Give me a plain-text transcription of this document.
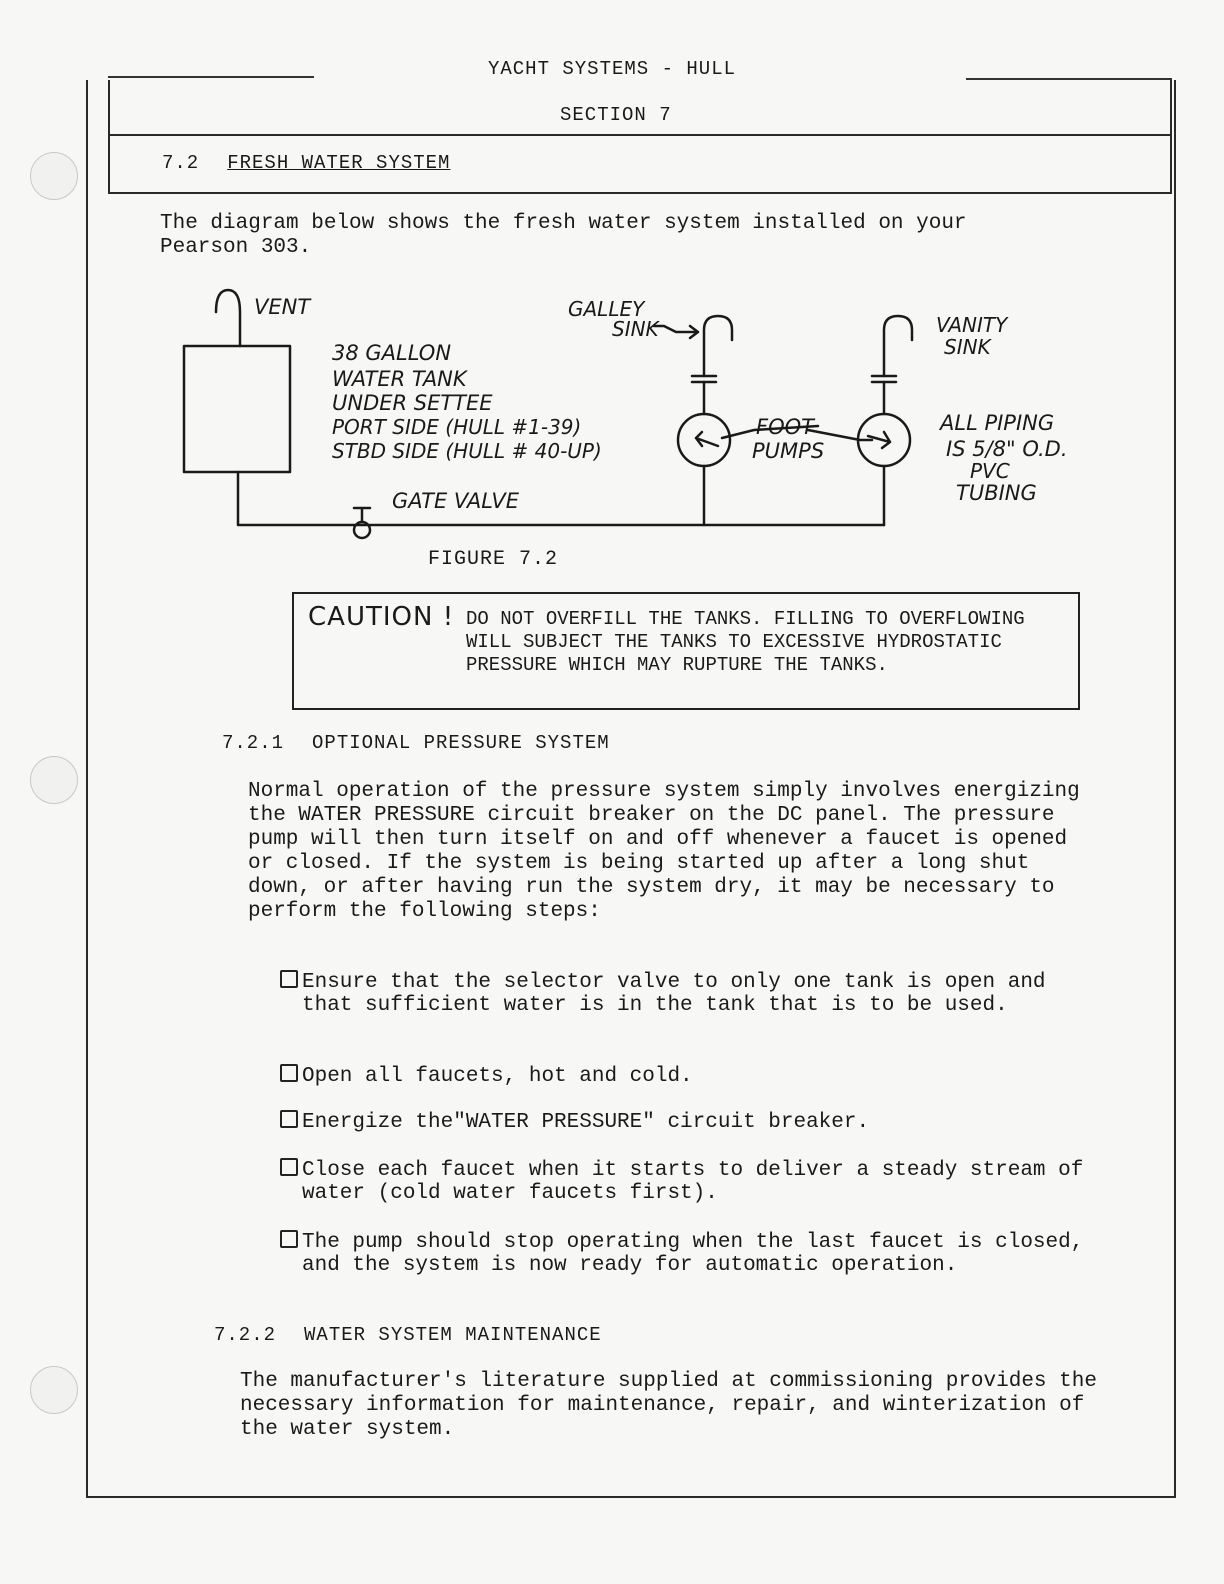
YACHT SYSTEMS - HULL
SECTION 7
7.2 FRESH WATER SYSTEM
The diagram below shows the fresh water system installed on your
Pearson 303.
VENT
38 GALLON
WATER TANK
UNDER SETTEE
PORT SIDE (HULL #1-39)
STBD SIDE (HULL # 40-UP)
GATE VALVE
GALLEY
SINK
FOOT
PUMPS
VANITY
SINK
ALL PIPING
IS 5/8" O.D.
PVC
TUBING
FIGURE 7.2
CAUTION ! DO NOT OVERFILL THE TANKS. FILLING TO OVERFLOWING WILL SUBJECT THE TANKS TO EXCESSIVE HYDROSTATIC PRESSURE WHICH MAY RUPTURE THE TANKS.
7.2.1 OPTIONAL PRESSURE SYSTEM
Normal operation of the pressure system simply involves energizing the WATER PRESSURE circuit breaker on the DC panel. The pressure pump will then turn itself on and off whenever a faucet is opened or closed. If the system is being started up after a long shut down, or after having run the system dry, it may be necessary to perform the following steps:
Ensure that the selector valve to only one tank is open and that sufficient water is in the tank that is to be used.
Open all faucets, hot and cold.
Energize the"WATER PRESSURE" circuit breaker.
Close each faucet when it starts to deliver a steady stream of water (cold water faucets first).
The pump should stop operating when the last faucet is closed, and the system is now ready for automatic operation.
7.2.2 WATER SYSTEM MAINTENANCE
The manufacturer's literature supplied at commissioning provides the necessary information for maintenance, repair, and winterization of the water system.
